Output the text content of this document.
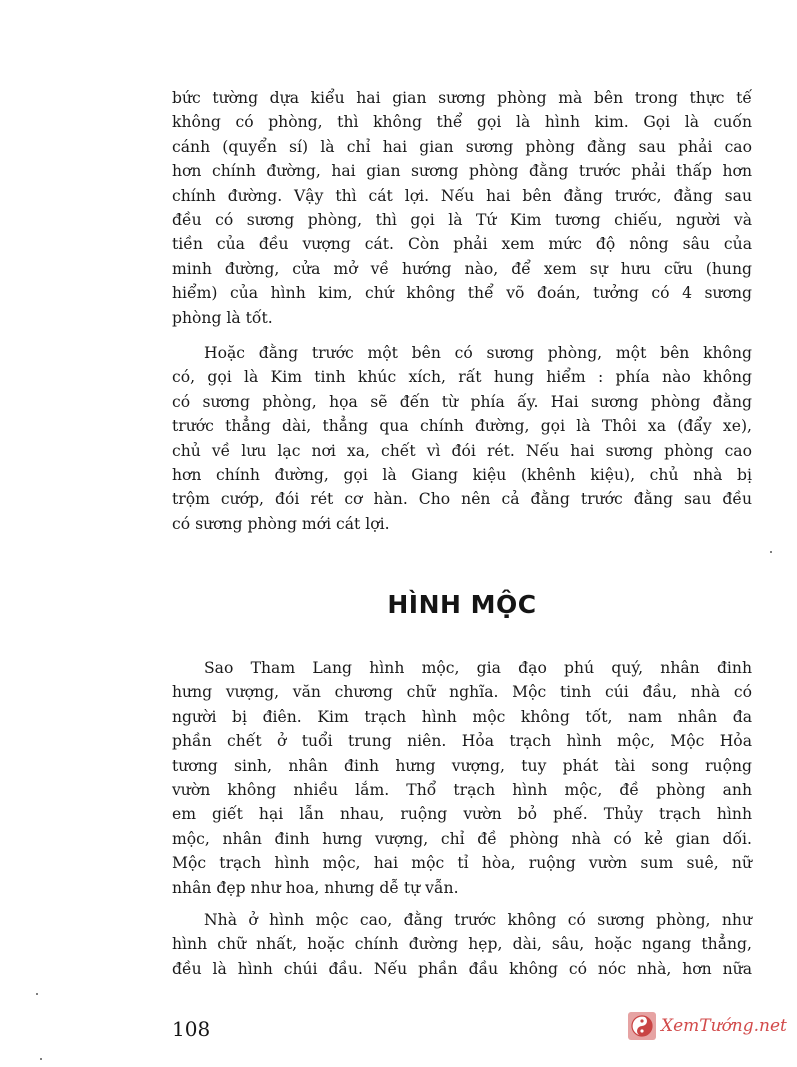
bức tường dựa kiểu hai gian sương phòng mà bên trong thực tế
không có phòng, thì không thể gọi là hình kim. Gọi là cuốn
cánh (quyển sí) là chỉ hai gian sương phòng đằng sau phải cao
hơn chính đường, hai gian sương phòng đằng trước phải thấp hơn
chính đường. Vậy thì cát lợi. Nếu hai bên đằng trước, đằng sau
đều có sương phòng, thì gọi là Tứ Kim tương chiếu, người và
tiền của đều vượng cát. Còn phải xem mức độ nông sâu của
minh đường, cửa mở về hướng nào, để xem sự hưu cữu (hung
hiểm) của hình kim, chứ không thể võ đoán, tưởng có 4 sương
phòng là tốt.
Hoặc đằng trước một bên có sương phòng, một bên không
có, gọi là Kim tinh khúc xích, rất hung hiểm : phía nào không
có sương phòng, họa sẽ đến từ phía ấy. Hai sương phòng đằng
trước thẳng dài, thẳng qua chính đường, gọi là Thôi xa (đẩy xe),
chủ về lưu lạc nơi xa, chết vì đói rét. Nếu hai sương phòng cao
hơn chính đường, gọi là Giang kiệu (khênh kiệu), chủ nhà bị
trộm cướp, đói rét cơ hàn. Cho nên cả đằng trước đằng sau đều
có sương phòng mới cát lợi.
HÌNH MỘC
Sao Tham Lang hình mộc, gia đạo phú quý, nhân đinh
hưng vượng, văn chương chữ nghĩa. Mộc tinh cúi đầu, nhà có
người bị điên. Kim trạch hình mộc không tốt, nam nhân đa
phần chết ở tuổi trung niên. Hỏa trạch hình mộc, Mộc Hỏa
tương sinh, nhân đinh hưng vượng, tuy phát tài song ruộng
vườn không nhiều lắm. Thổ trạch hình mộc, đề phòng anh
em giết hại lẫn nhau, ruộng vườn bỏ phế. Thủy trạch hình
mộc, nhân đinh hưng vượng, chỉ đề phòng nhà có kẻ gian dối.
Mộc trạch hình mộc, hai mộc tỉ hòa, ruộng vườn sum suê, nữ
nhân đẹp như hoa, nhưng dễ tự vẫn.
Nhà ở hình mộc cao, đằng trước không có sương phòng, như
hình chữ nhất, hoặc chính đường hẹp, dài, sâu, hoặc ngang thẳng,
đều là hình chúi đầu. Nếu phần đầu không có nóc nhà, hơn nữa
108	XemTướng.net
